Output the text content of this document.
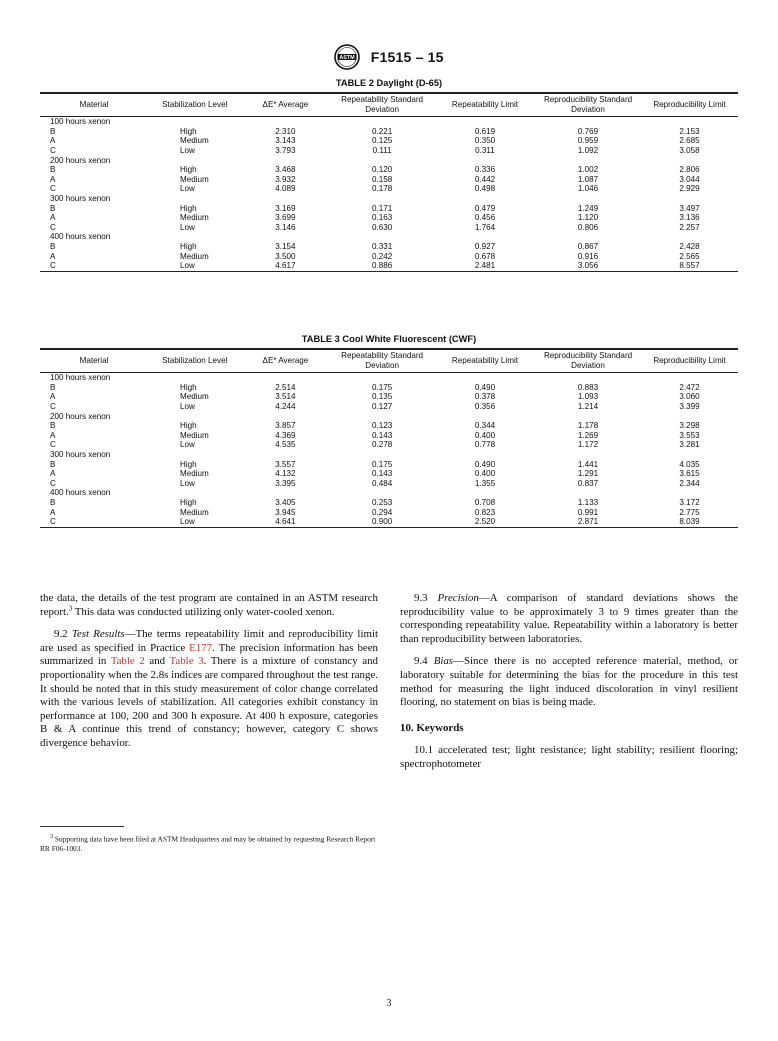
ASTM F1515 – 15
TABLE 2 Daylight (D-65)

Material	Stabilization Level	ΔE* Average	Repeatability Standard Deviation	Repeatability Limit	Reproducibility Standard Deviation	Reproducibility Limit
100 hours xenon						
B	High	2.310	0.221	0.619	0.769	2.153
A	Medium	3.143	0.125	0.350	0.959	2.685
C	Low	3.793	0.111	0.311	1.092	3.058
200 hours xenon						
B	High	3.468	0.120	0.336	1.002	2.806
A	Medium	3.932	0.158	0.442	1.087	3.044
C	Low	4.089	0.178	0.498	1.046	2.929
300 hours xenon						
B	High	3.169	0.171	0.479	1.249	3.497
A	Medium	3.699	0.163	0.456	1.120	3.136
C	Low	3.146	0.630	1.764	0.806	2.257
400 hours xenon						
B	High	3.154	0.331	0.927	0.867	2.428
A	Medium	3.500	0.242	0.678	0.916	2.565
C	Low	4.617	0.886	2.481	3.056	8.557
TABLE 3 Cool White Fluorescent (CWF)

Material	Stabilization Level	ΔE* Average	Repeatability Standard Deviation	Repeatability Limit	Reproducibility Standard Deviation	Reproducibility Limit
100 hours xenon						
B	High	2.514	0.175	0.490	0.883	2.472
A	Medium	3.514	0.135	0.378	1.093	3.060
C	Low	4.244	0.127	0.356	1.214	3.399
200 hours xenon						
B	High	3.857	0.123	0.344	1.178	3.298
A	Medium	4.369	0.143	0.400	1.269	3.553
C	Low	4.535	0.278	0.778	1.172	3.281
300 hours xenon						
B	High	3.557	0.175	0.490	1.441	4.035
A	Medium	4.132	0.143	0.400	1.291	3.615
C	Low	3.395	0.484	1.355	0.837	2.344
400 hours xenon						
B	High	3.405	0.253	0.708	1.133	3.172
A	Medium	3.945	0.294	0.823	0.991	2.775
C	Low	4.641	0.900	2.520	2.871	8.039

the data, the details of the test program are contained in an ASTM research report.$^3$ This data was conducted utilizing only water-cooled xenon.

9.2 Test Results—The terms repeatability limit and reproducibility limit are used as specified in Practice E177. The precision information has been summarized in Table 2 and Table 3. There is a mixture of constancy and proportionality when the 2.8s indices are compared throughout the test range. It should be noted that in this study measurement of color change correlated with the various levels of stabilization. All categories exhibit constancy in performance at 100, 200 and 300 h exposure. At 400 h exposure, categories B & A continue this trend of constancy; however, category C shows divergence behavior.

9.3 Precision—A comparison of standard deviations shows the reproducibility value to be approximately 3 to 9 times greater than the corresponding repeatability value. Repeatability within a laboratory is better than reproducibility between laboratories.

9.4 Bias—Since there is no accepted reference material, method, or laboratory suitable for determining the bias for the procedure in this test method for measuring the light induced discoloration in vinyl resilient flooring, no statement on bias is being made.

10. Keywords

10.1 accelerated test; light resistance; light stability; resilient flooring; spectrophotometer

$^3$ Supporting data have been filed at ASTM Headquarters and may be obtained by requesting Research Report RR F06-1003.
3
